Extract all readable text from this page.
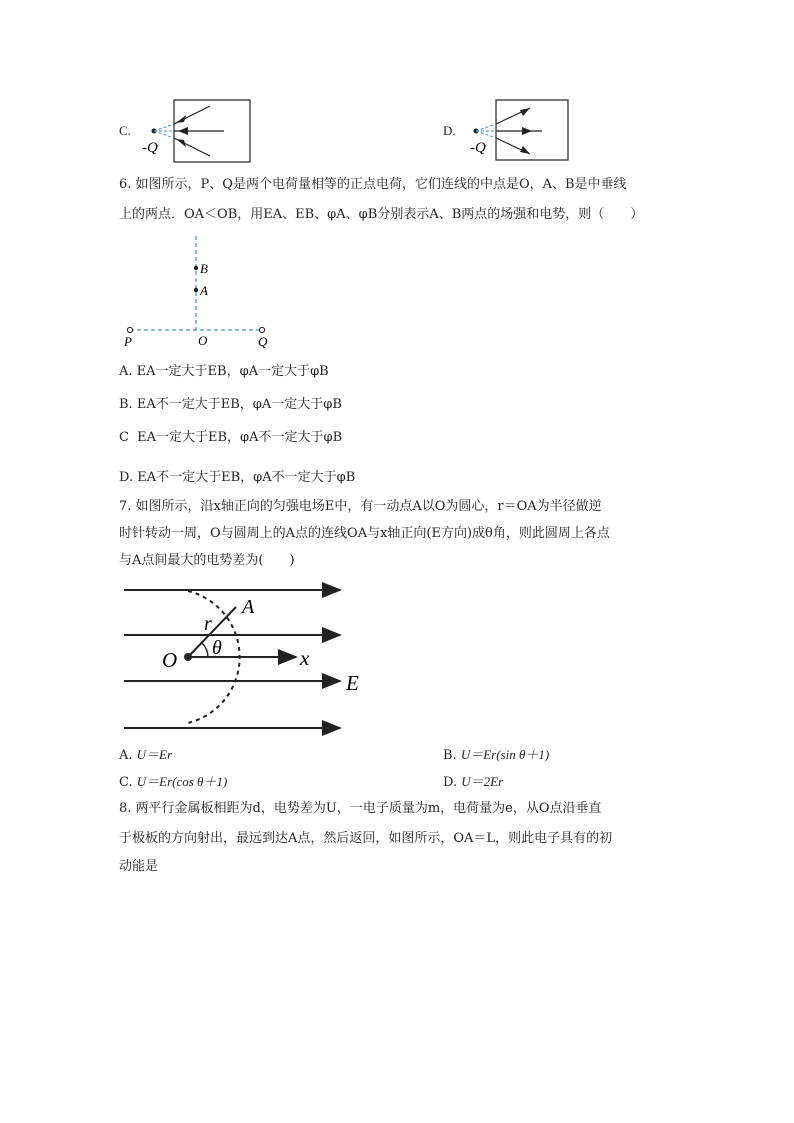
C.
-Q
D.
-Q
6. 如图所示，P、Q是两个电荷量相等的正点电荷，它们连线的中点是O，A、B是中垂线
上的两点．OA＜OB，用EA、EB、φA、φB分别表示A、B两点的场强和电势，则（　　）
B
A
P	O	Q
A. EA一定大于EB，φA一定大于φB
B. EA不一定大于EB，φA一定大于φB
C EA一定大于EB，φA不一定大于φB
D. EA不一定大于EB，φA不一定大于φB
7. 如图所示，沿x轴正向的匀强电场E中，有一动点A以O为圆心，r＝OA为半径做逆
时针转动一周，O与圆周上的A点的连线OA与x轴正向(E方向)成θ角，则此圆周上各点
与A点间最大的电势差为(　　)
A
r
θ
O	x
E
A. U＝Er	B. U＝Er(sin θ＋1)
C. U＝Er(cos θ＋1)	D. U＝2Er
8. 两平行金属板相距为d，电势差为U，一电子质量为m，电荷量为e，从O点沿垂直
于极板的方向射出，最远到达A点，然后返回，如图所示，OA＝L，则此电子具有的初
动能是
